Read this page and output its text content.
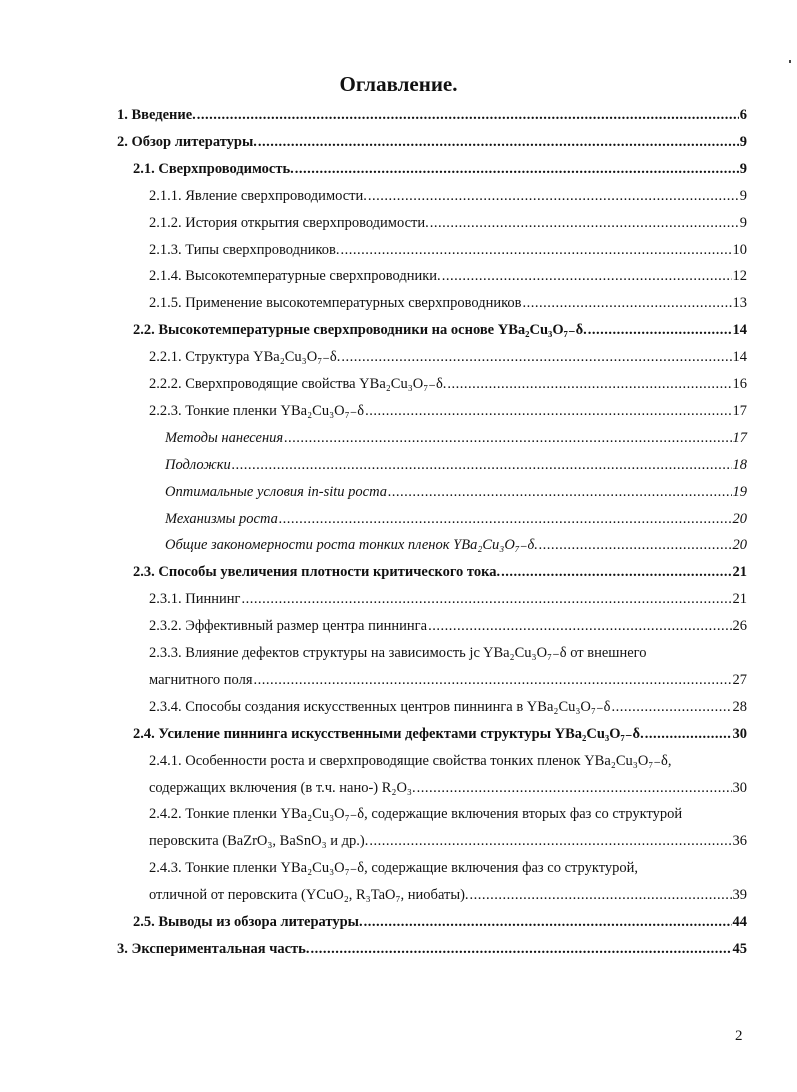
Оглавление.
1. Введение. .....	6
2. Обзор литературы. .....	9
2.1. Сверхпроводимость. .....	9
2.1.1. Явление сверхпроводимости. .....	9
2.1.2. История открытия сверхпроводимости. .....	9
2.1.3. Типы сверхпроводников. .....	10
2.1.4. Высокотемпературные сверхпроводники. .....	12
2.1.5. Применение высокотемпературных сверхпроводников .....	13
2.2. Высокотемпературные сверхпроводники на основе YBa₂Cu₃O₇₋δ. .....	14
2.2.1. Структура YBa₂Cu₃O₇₋δ. .....	14
2.2.2. Сверхпроводящие свойства YBa₂Cu₃O₇₋δ. .....	16
2.2.3. Тонкие пленки YBa₂Cu₃O₇₋δ .....	17
Методы нанесения .....	17
Подложки .....	18
Оптимальные условия in-situ роста .....	19
Механизмы роста .....	20
Общие закономерности роста тонких пленок YBa₂Cu₃O₇₋δ. .....	20
2.3. Способы увеличения плотности критического тока. .....	21
2.3.1. Пиннинг .....	21
2.3.2. Эффективный размер центра пиннинга .....	26
2.3.3. Влияние дефектов структуры на зависимость jc YBa₂Cu₃O₇₋δ от внешнего
магнитного поля .....	27
2.3.4. Способы создания искусственных центров пиннинга в YBa₂Cu₃O₇₋δ .....	28
2.4. Усиление пиннинга искусственными дефектами структуры YBa₂Cu₃O₇₋δ. .....	30
2.4.1. Особенности роста и сверхпроводящие свойства тонких пленок YBa₂Cu₃O₇₋δ,
содержащих включения (в т.ч. нано-) R₂O₃. .....	30
2.4.2. Тонкие пленки YBa₂Cu₃O₇₋δ, содержащие включения вторых фаз со структурой
перовскита (BaZrO₃, BaSnO₃ и др.). .....	36
2.4.3. Тонкие пленки YBa₂Cu₃O₇₋δ, содержащие включения фаз со структурой,
отличной от перовскита (YCuO₂, R₃TaO₇, ниобаты). .....	39
2.5. Выводы из обзора литературы. .....	44
3. Экспериментальная часть. .....	45
2
